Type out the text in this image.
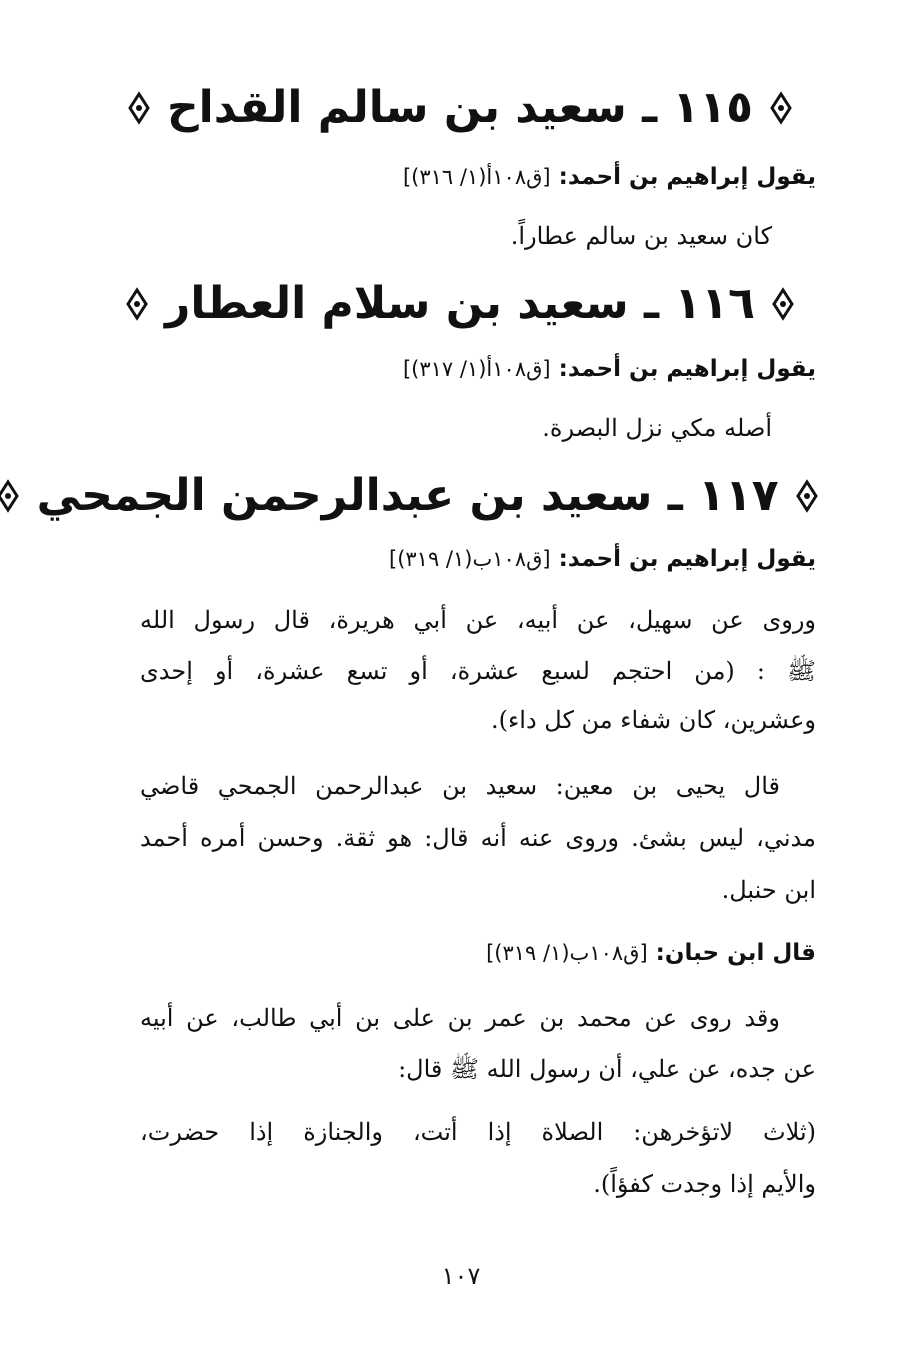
١١٥ ـ سعيد بن سالم القداح
يقول إبراهيم بن أحمد: [ق١٠٨أ(١/ ٣١٦)]
كان سعيد بن سالم عطاراً.
١١٦ ـ سعيد بن سلام العطار
يقول إبراهيم بن أحمد: [ق١٠٨أ(١/ ٣١٧)]
أصله مكي نزل البصرة.
١١٧ ـ سعيد بن عبدالرحمن الجمحي
يقول إبراهيم بن أحمد: [ق١٠٨ب(١/ ٣١٩)]
وروى عن سهيل، عن أبيه، عن أبي هريرة، قال رسول الله
ﷺ : (من احتجم لسبع عشرة، أو تسع عشرة، أو إحدى
وعشرين، كان شفاء من كل داء).
قال يحيى بن معين: سعيد بن عبدالرحمن الجمحي قاضي
مدني، ليس بشئ. وروى عنه أنه قال: هو ثقة. وحسن أمره أحمد
ابن حنبل.
قال ابن حبان: [ق١٠٨ب(١/ ٣١٩)]
وقد روى عن محمد بن عمر بن على بن أبي طالب، عن أبيه
عن جده، عن علي، أن رسول الله ﷺ قال:
(ثلاث لاتؤخرهن: الصلاة إذا أتت، والجنازة إذا حضرت،
والأيم إذا وجدت كفؤاً).
١٠٧
